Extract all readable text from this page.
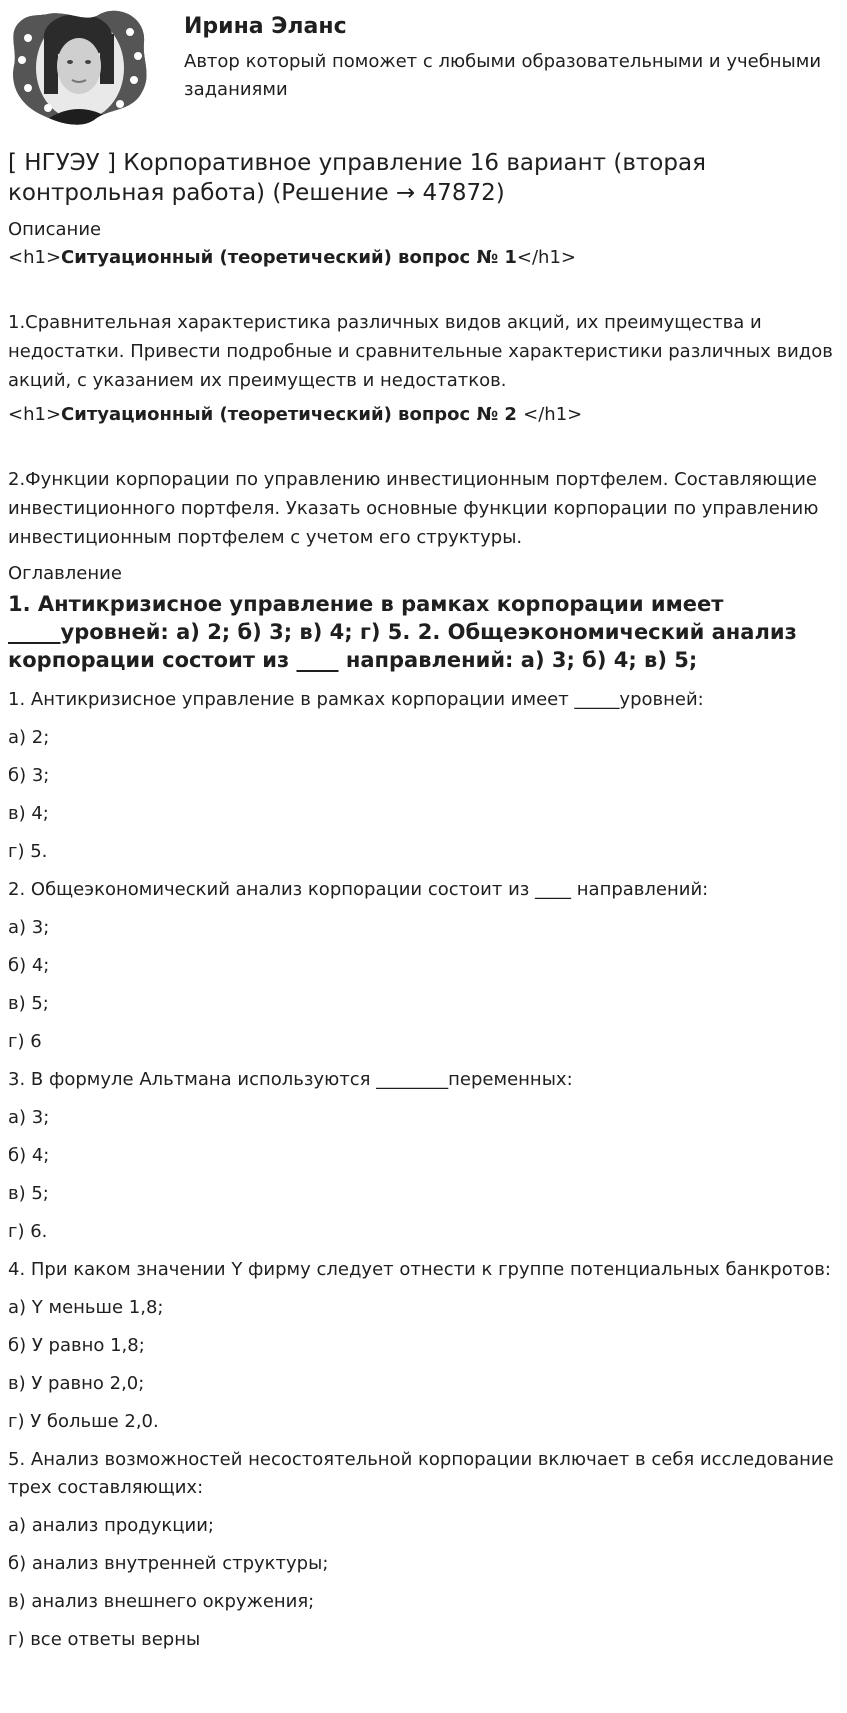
Ирина Эланс
Автор который поможет с любыми образовательными и учебными заданиями
[ НГУЭУ ] Корпоративное управление 16 вариант (вторая контрольная работа) (Решение → 47872)
Описание
<h1>Ситуационный (теоретический) вопрос № 1</h1>
1.Сравнительная характеристика различных видов акций, их преимущества и недостатки. Привести подробные и сравнительные характеристики различных видов акций, с указанием их преимуществ и недостатков.
<h1>Ситуационный (теоретический) вопрос № 2 </h1>
2.Функции корпорации по управлению инвестиционным портфелем. Составляющие инвестиционного портфеля. Указать основные функции корпорации по управлению инвестиционным портфелем с учетом его структуры.
Оглавление
1. Антикризисное управление в рамках корпорации имеет _____уровней: а) 2; б) 3; в) 4; г) 5. 2. Общеэкономический анализ корпорации состоит из ____ направлений: а) 3; б) 4; в) 5;

1. Антикризисное управление в рамках корпорации имеет _____уровней:

а) 2;

б) 3;

в) 4;

г) 5.

2. Общеэкономический анализ корпорации состоит из ____ направлений:

а) 3;

б) 4;

в) 5;

г) 6

3. В формуле Альтмана используются ________переменных:

а) 3;

б) 4;

в) 5;

г) 6.

4. При каком значении Y фирму следует отнести к группе потенциальных банкротов:

а) Y меньше 1,8;

б) У равно 1,8;

в) У равно 2,0;

г) У больше 2,0.

5. Анализ возможностей несостоятельной корпорации включает в себя исследование трех составляющих:

а) анализ продукции;

б) анализ внутренней структуры;

в) анализ внешнего окружения;

г) все ответы верны
